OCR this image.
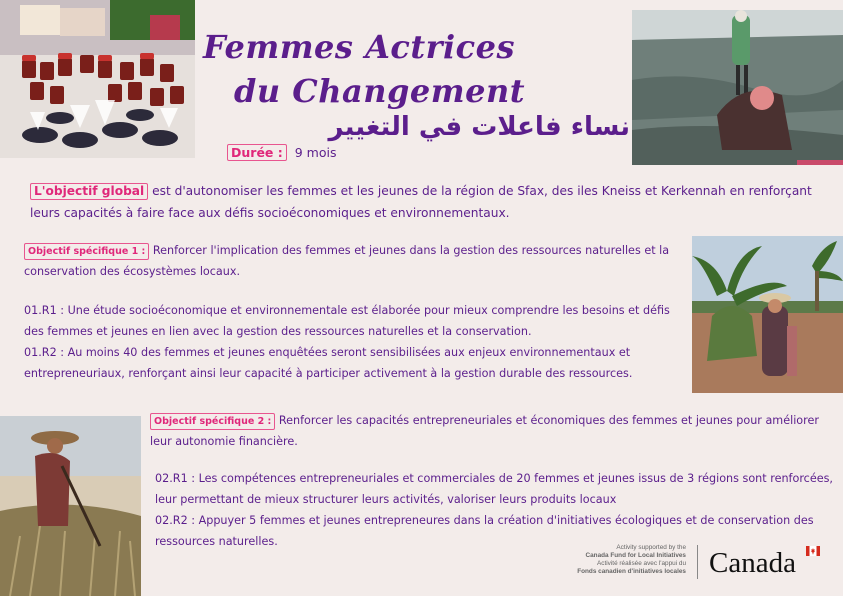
Femmes Actrices
du Changement
نساء فاعلات في التغيير
Durée : 9 mois
L'objectif global est d'autonomiser les femmes et les jeunes de la région de Sfax, des iles Kneiss et Kerkennah en renforçant leurs capacités à faire face aux défis socioéconomiques et environnementaux.
Objectif spécifique 1 : Renforcer l'implication des femmes et jeunes dans la gestion des ressources naturelles et la conservation des écosystèmes locaux.
01.R1 : Une étude socioéconomique et environnementale est élaborée pour mieux comprendre les besoins et défis des femmes et jeunes en lien avec la gestion des ressources naturelles et la conservation.
01.R2 : Au moins 40 des femmes et jeunes enquêtées seront sensibilisées aux enjeux environnementaux et entrepreneuriaux, renforçant ainsi leur capacité à participer activement à la gestion durable des ressources.
Objectif spécifique 2 : Renforcer les capacités entrepreneuriales et économiques des femmes et jeunes pour améliorer leur autonomie financière.
02.R1 : Les compétences entrepreneuriales et commerciales de 20 femmes et jeunes issus de 3 régions sont renforcées, leur permettant de mieux structurer leurs activités, valoriser leurs produits locaux
02.R2 : Appuyer 5 femmes et jeunes entrepreneures dans la création d'initiatives écologiques et de conservation des ressources naturelles.	Activity supported by the
Canada Fund for Local Initiatives
Activité réalisée avec l'appui du
Fonds canadien d'initiatives locales Canada
